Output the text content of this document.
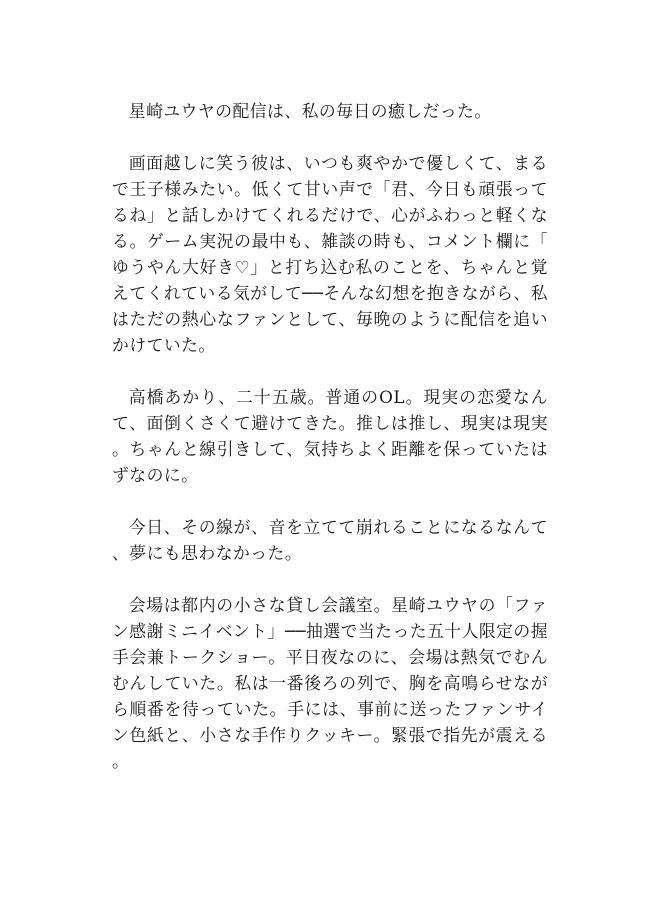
星崎ユウヤの配信は、私の毎日の癒しだった。

画面越しに笑う彼は、いつも爽やかで優しくて、まるで王子様みたい。低くて甘い声で「君、今日も頑張ってるね」と話しかけてくれるだけで、心がふわっと軽くなる。ゲーム実況の最中も、雑談の時も、コメント欄に「ゆうやん大好き♡」と打ち込む私のことを、ちゃんと覚えてくれている気がして──そんな幻想を抱きながら、私はただの熱心なファンとして、毎晩のように配信を追いかけていた。

高橋あかり、二十五歳。普通のOL。現実の恋愛なんて、面倒くさくて避けてきた。推しは推し、現実は現実。ちゃんと線引きして、気持ちよく距離を保っていたはずなのに。

今日、その線が、音を立てて崩れることになるなんて、夢にも思わなかった。

会場は都内の小さな貸し会議室。星崎ユウヤの「ファン感謝ミニイベント」──抽選で当たった五十人限定の握手会兼トークショー。平日夜なのに、会場は熱気でむんむんしていた。私は一番後ろの列で、胸を高鳴らせながら順番を待っていた。手には、事前に送ったファンサイン色紙と、小さな手作りクッキー。緊張で指先が震える。
